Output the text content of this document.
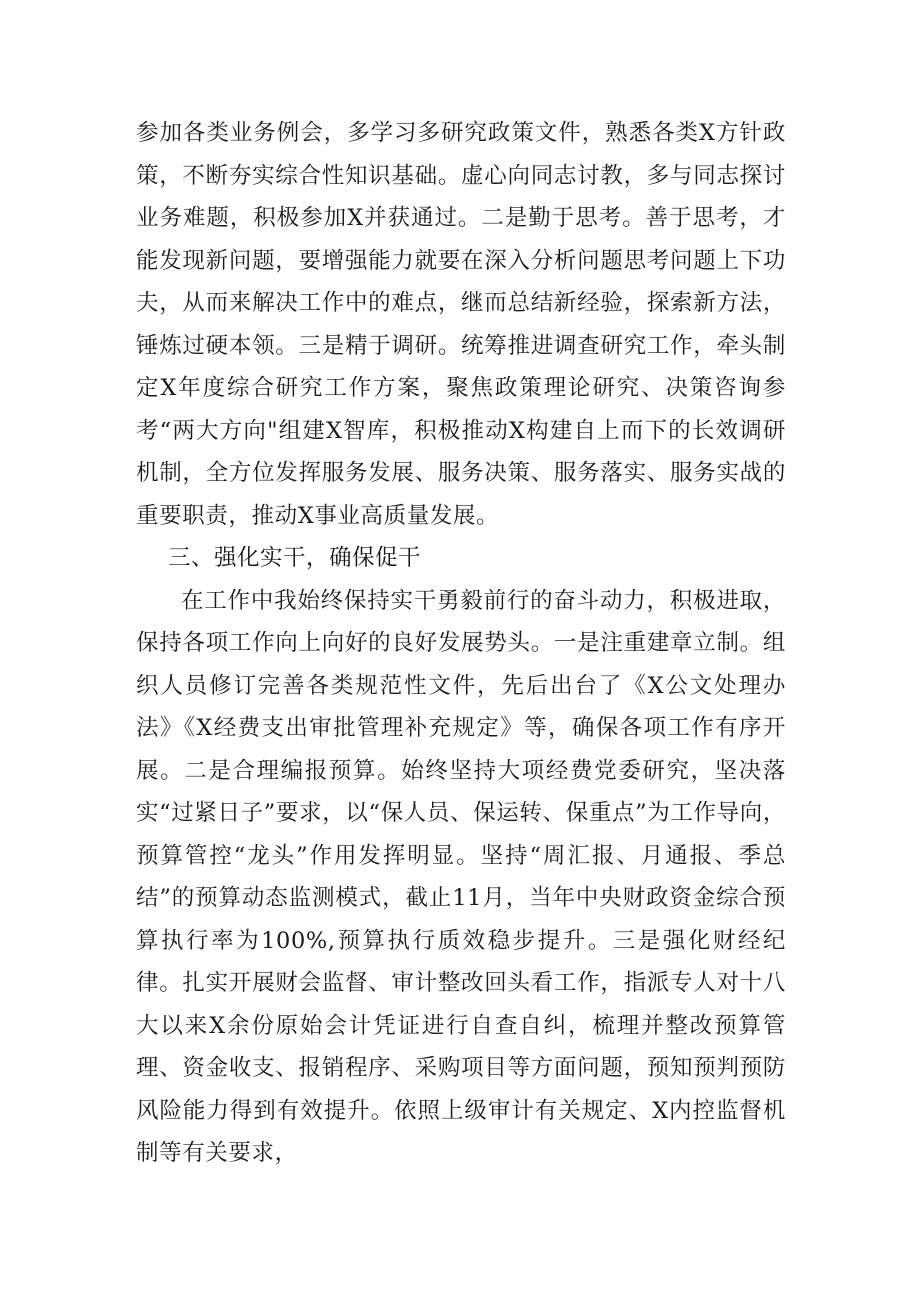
参加各类业务例会，多学习多研究政策文件，熟悉各类X方针政策，不断夯实综合性知识基础。虚心向同志讨教，多与同志探讨业务难题，积极参加X并获通过。二是勤于思考。善于思考，才能发现新问题，要增强能力就要在深入分析问题思考问题上下功夫，从而来解决工作中的难点，继而总结新经验，探索新方法，锤炼过硬本领。三是精于调研。统筹推进调查研究工作，牵头制定X年度综合研究工作方案，聚焦政策理论研究、决策咨询参考“两大方向"组建X智库，积极推动X构建自上而下的长效调研机制，全方位发挥服务发展、服务决策、服务落实、服务实战的重要职责，推动X事业高质量发展。

三、强化实干，确保促干

在工作中我始终保持实干勇毅前行的奋斗动力，积极进取，保持各项工作向上向好的良好发展势头。一是注重建章立制。组织人员修订完善各类规范性文件，先后出台了《X公文处理办法》《X经费支出审批管理补充规定》等，确保各项工作有序开展。二是合理编报预算。始终坚持大项经费党委研究，坚决落实“过紧日子”要求，以“保人员、保运转、保重点”为工作导向，预算管控“龙头”作用发挥明显。坚持“周汇报、月通报、季总结”的预算动态监测模式，截止11月，当年中央财政资金综合预算执行率为100%,预算执行质效稳步提升。三是强化财经纪律。扎实开展财会监督、审计整改回头看工作，指派专人对十八大以来X余份原始会计凭证进行自查自纠，梳理并整改预算管理、资金收支、报销程序、采购项目等方面问题，预知预判预防风险能力得到有效提升。依照上级审计有关规定、X内控监督机制等有关要求，
